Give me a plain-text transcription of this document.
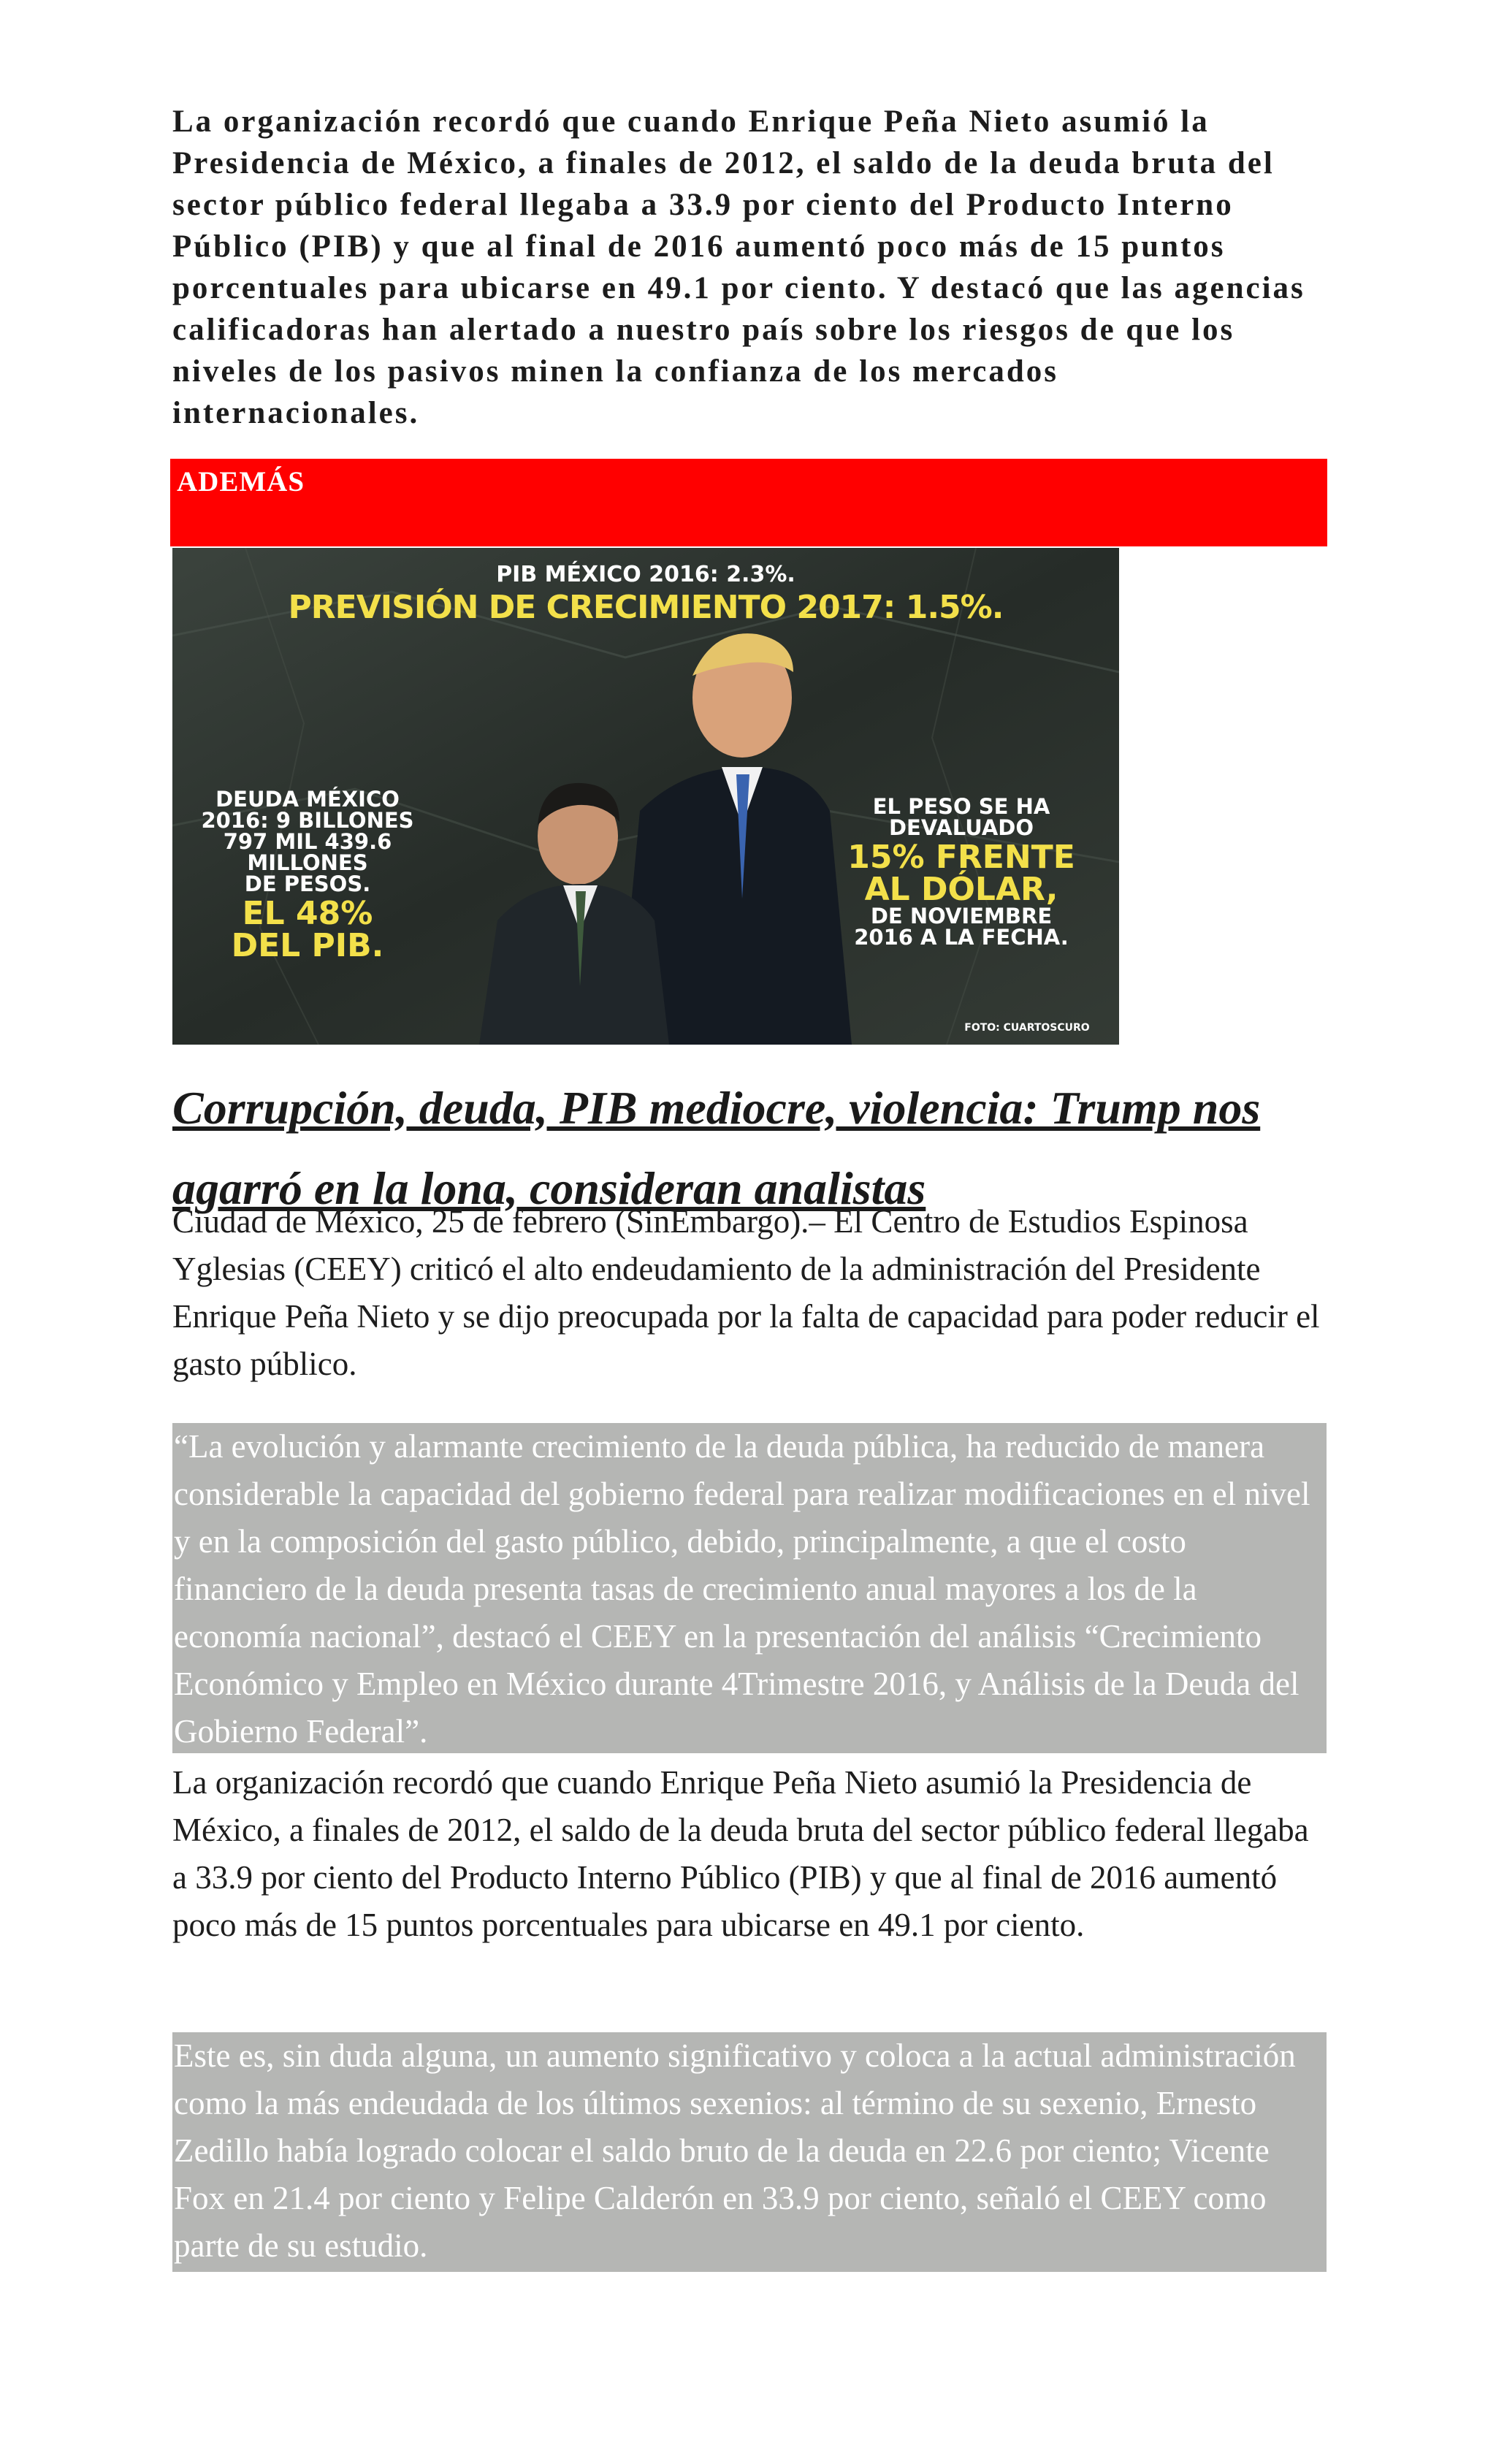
La organización recordó que cuando Enrique Peña Nieto asumió la Presidencia de México, a finales de 2012, el saldo de la deuda bruta del sector público federal llegaba a 33.9 por ciento del Producto Interno Público (PIB) y que al final de 2016 aumentó poco más de 15 puntos porcentuales para ubicarse en 49.1 por ciento. Y destacó que las agencias calificadoras han alertado a nuestro país sobre los riesgos de que los niveles de los pasivos minen la confianza de los mercados internacionales.

ADEMÁS
PIB MÉXICO 2016: 2.3%.
PREVISIÓN DE CRECIMIENTO 2017: 1.5%.
DEUDA MÉXICO
2016: 9 BILLONES
797 MIL 439.6
MILLONES
DE PESOS.
EL 48%
DEL PIB.
EL PESO SE HA
DEVALUADO
15% FRENTE
AL DÓLAR,
DE NOVIEMBRE
2016 A LA FECHA.
FOTO: CUARTOSCURO
Corrupción, deuda, PIB mediocre, violencia: Trump nos agarró en la lona, consideran analistas

Ciudad de México, 25 de febrero (SinEmbargo).– El Centro de Estudios Espinosa Yglesias (CEEY) criticó el alto endeudamiento de la administración del Presidente Enrique Peña Nieto y se dijo preocupada por la falta de capacidad para poder reducir el gasto público.

“La evolución y alarmante crecimiento de la deuda pública, ha reducido de manera considerable la capacidad del gobierno federal para realizar modificaciones en el nivel y en la composición del gasto público, debido, principalmente, a que el costo financiero de la deuda presenta tasas de crecimiento anual mayores a los de la economía nacional”, destacó el CEEY en la presentación del análisis “Crecimiento Económico y Empleo en México durante 4Trimestre 2016, y Análisis de la Deuda del Gobierno Federal”.

La organización recordó que cuando Enrique Peña Nieto asumió la Presidencia de México, a finales de 2012, el saldo de la deuda bruta del sector público federal llegaba a 33.9 por ciento del Producto Interno Público (PIB) y que al final de 2016 aumentó poco más de 15 puntos porcentuales para ubicarse en 49.1 por ciento.

Este es, sin duda alguna, un aumento significativo y coloca a la actual administración como la más endeudada de los últimos sexenios: al término de su sexenio, Ernesto Zedillo había logrado colocar el saldo bruto de la deuda en 22.6 por ciento; Vicente Fox en 21.4 por ciento y Felipe Calderón en 33.9 por ciento, señaló el CEEY como parte de su estudio.
